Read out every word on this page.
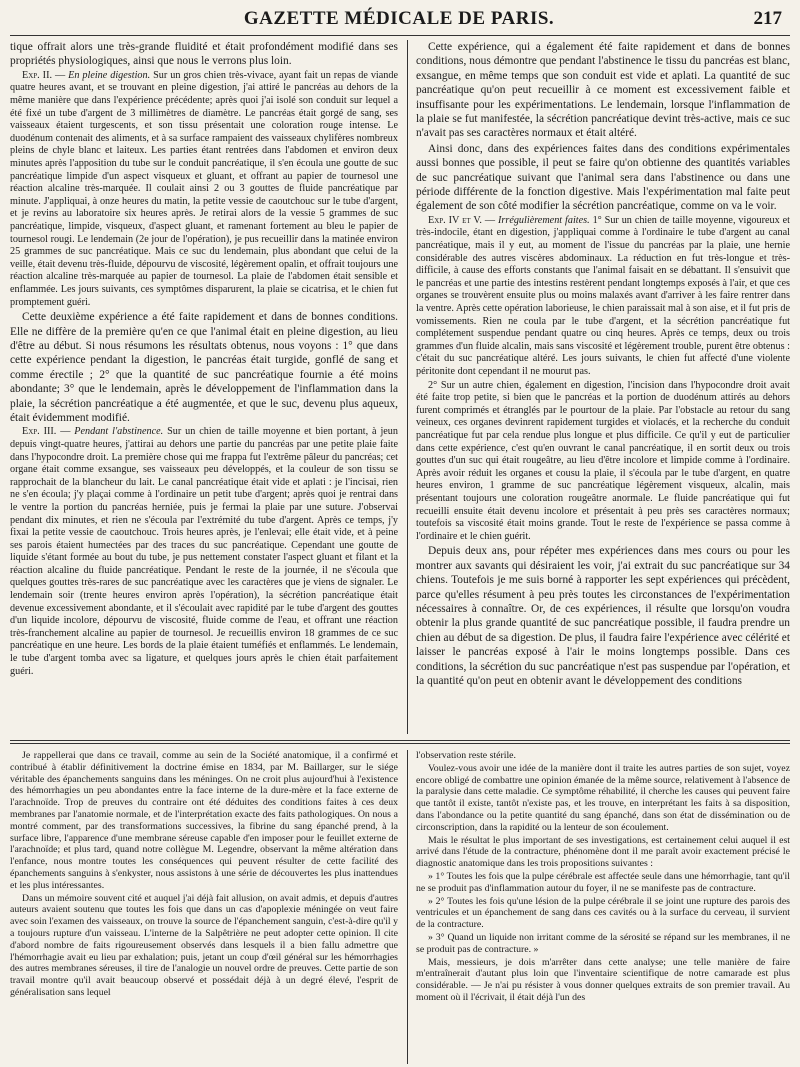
GAZETTE MÉDICALE DE PARIS.	217

tique offrait alors une très-grande fluidité et était profondément modifié dans ses propriétés physiologiques, ainsi que nous le verrons plus loin.

Exp. II. — En pleine digestion. Sur un gros chien très-vivace, ayant fait un repas de viande quatre heures avant, et se trouvant en pleine digestion, j'ai attiré le pancréas au dehors de la même manière que dans l'expérience précédente; après quoi j'ai isolé son conduit sur lequel a été fixé un tube d'argent de 3 millimètres de diamètre. Le pancréas était gorgé de sang, ses vaisseaux étaient turgescents, et son tissu présentait une coloration rouge intense. Le duodénum contenait des aliments, et à sa surface rampaient des vaisseaux chylifères nombreux pleins de chyle blanc et laiteux. Les parties étant rentrées dans l'abdomen et environ deux minutes après l'apposition du tube sur le conduit pancréatique, il s'en écoula une goutte de suc pancréatique limpide d'un aspect visqueux et gluant, et offrant au papier de tournesol une réaction alcaline très-marquée. Il coulait ainsi 2 ou 3 gouttes de fluide pancréatique par minute. J'appliquai, à onze heures du matin, la petite vessie de caoutchouc sur le tube d'argent, et je revins au laboratoire six heures après. Je retirai alors de la vessie 5 grammes de suc pancréatique, limpide, visqueux, d'aspect gluant, et ramenant fortement au bleu le papier de tournesol rougi. Le lendemain (2e jour de l'opération), je pus recueillir dans la matinée environ 25 grammes de suc pancréatique. Mais ce suc du lendemain, plus abondant que celui de la veille, était devenu très-fluide, dépourvu de viscosité, légèrement opalin, et offrait toujours une réaction alcaline très-marquée au papier de tournesol. La plaie de l'abdomen était sensible et enflammée. Les jours suivants, ces symptômes disparurent, la plaie se cicatrisa, et le chien fut promptement guéri.

Cette deuxième expérience a été faite rapidement et dans de bonnes conditions. Elle ne diffère de la première qu'en ce que l'animal était en pleine digestion, au lieu d'être au début. Si nous résumons les résultats obtenus, nous voyons : 1° que dans cette expérience pendant la digestion, le pancréas était turgide, gonflé de sang et comme érectile ; 2° que la quantité de suc pancréatique fournie a été moins abondante; 3° que le lendemain, après le développement de l'inflammation dans la plaie, la sécrétion pancréatique a été augmentée, et que le suc, devenu plus aqueux, était évidemment modifié.

Exp. III. — Pendant l'abstinence. Sur un chien de taille moyenne et bien portant, à jeun depuis vingt-quatre heures, j'attirai au dehors une partie du pancréas par une petite plaie faite dans l'hypocondre droit. La première chose qui me frappa fut l'extrême pâleur du pancréas; cet organe était comme exsangue, ses vaisseaux peu développés, et la couleur de son tissu se rapprochait de la blancheur du lait. Le canal pancréatique était vide et aplati : je l'incisai, rien ne s'en écoula; j'y plaçai comme à l'ordinaire un petit tube d'argent; après quoi je rentrai dans le ventre la portion du pancréas herniée, puis je fermai la plaie par une suture. J'observai pendant dix minutes, et rien ne s'écoula par l'extrémité du tube d'argent. Après ce temps, j'y fixai la petite vessie de caoutchouc. Trois heures après, je l'enlevai; elle était vide, et à peine ses parois étaient humectées par des traces du suc pancréatique. Cependant une goutte de liquide s'étant formée au bout du tube, je pus nettement constater l'aspect gluant et filant et la réaction alcaline du fluide pancréatique. Pendant le reste de la journée, il ne s'écoula que quelques gouttes très-rares de suc pancréatique avec les caractères que je viens de signaler. Le lendemain soir (trente heures environ après l'opération), la sécrétion pancréatique était devenue excessivement abondante, et il s'écoulait avec rapidité par le tube d'argent des gouttes d'un liquide incolore, dépourvu de viscosité, fluide comme de l'eau, et offrant une réaction très-franchement alcaline au papier de tournesol. Je recueillis environ 18 grammes de ce suc pancréatique en une heure. Les bords de la plaie étaient tuméfiés et enflammés. Le lendemain, le tube d'argent tomba avec sa ligature, et quelques jours après le chien était parfaitement guéri.

Cette expérience, qui a également été faite rapidement et dans de bonnes conditions, nous démontre que pendant l'abstinence le tissu du pancréas est blanc, exsangue, en même temps que son conduit est vide et aplati. La quantité de suc pancréatique qu'on peut recueillir à ce moment est excessivement faible et insuffisante pour les expérimentations. Le lendemain, lorsque l'inflammation de la plaie se fut manifestée, la sécrétion pancréatique devint très-active, mais ce suc n'avait pas ses caractères normaux et était altéré.

Ainsi donc, dans des expériences faites dans des conditions expérimentales aussi bonnes que possible, il peut se faire qu'on obtienne des quantités variables de suc pancréatique suivant que l'animal sera dans l'abstinence ou dans une période différente de la fonction digestive. Mais l'expérimentation mal faite peut également de son côté modifier la sécrétion pancréatique, comme on va le voir.

Exp. IV et V. — Irrégulièrement faites. 1° Sur un chien de taille moyenne, vigoureux et très-indocile, étant en digestion, j'appliquai comme à l'ordinaire le tube d'argent au canal pancréatique, mais il y eut, au moment de l'issue du pancréas par la plaie, une hernie considérable des autres viscères abdominaux. La réduction en fut très-longue et très-difficile, à cause des efforts constants que l'animal faisait en se débattant. Il s'ensuivit que le pancréas et une partie des intestins restèrent pendant longtemps exposés à l'air, et que ces organes se trouvèrent ensuite plus ou moins malaxés avant d'arriver à les faire rentrer dans la ventre. Après cette opération laborieuse, le chien paraissait mal à son aise, et il fut pris de vomissements. Rien ne coula par le tube d'argent, et la sécrétion pancréatique fut complétement suspendue pendant quatre ou cinq heures. Après ce temps, deux ou trois grammes d'un fluide alcalin, mais sans viscosité et légèrement trouble, purent être obtenus : c'était du suc pancréatique altéré. Les jours suivants, le chien fut affecté d'une violente péritonite dont cependant il ne mourut pas.

2° Sur un autre chien, également en digestion, l'incision dans l'hypocondre droit avait été faite trop petite, si bien que le pancréas et la portion de duodénum attirés au dehors furent comprimés et étranglés par le pourtour de la plaie. Par l'obstacle au retour du sang veineux, ces organes devinrent rapidement turgides et violacés, et la recherche du conduit pancréatique fut par cela rendue plus longue et plus difficile. Ce qu'il y eut de particulier dans cette expérience, c'est qu'en ouvrant le canal pancréatique, il en sortit deux ou trois gouttes d'un suc qui était rougeâtre, au lieu d'être incolore et limpide comme à l'ordinaire. Après avoir réduit les organes et cousu la plaie, il s'écoula par le tube d'argent, en quatre heures environ, 1 gramme de suc pancréatique légèrement visqueux, alcalin, mais présentant toujours une coloration rougeâtre anormale. Le fluide pancréatique qui fut recueilli ensuite était devenu incolore et présentait à peu près ses caractères normaux; toutefois sa viscosité était moins grande. Tout le reste de l'expérience se passa comme à l'ordinaire et le chien guérit.

Depuis deux ans, pour répéter mes expériences dans mes cours ou pour les montrer aux savants qui désiraient les voir, j'ai extrait du suc pancréatique sur 34 chiens. Toutefois je me suis borné à rapporter les sept expériences qui précèdent, parce qu'elles résument à peu près toutes les circonstances de l'expérimentation nécessaires à connaître. Or, de ces expériences, il résulte que lorsqu'on voudra obtenir la plus grande quantité de suc pancréatique possible, il faudra prendre un chien au début de sa digestion. De plus, il faudra faire l'expérience avec célérité et laisser le pancréas exposé à l'air le moins longtemps possible. Dans ces conditions, la sécrétion du suc pancréatique n'est pas suspendue par l'opération, et la quantité qu'on peut en obtenir avant le développement des conditions

Je rappellerai que dans ce travail, comme au sein de la Société anatomique, il a confirmé et contribué à établir définitivement la doctrine émise en 1834, par M. Baillarger, sur le siége véritable des épanchements sanguins dans les méninges. On ne croit plus aujourd'hui à l'existence des hémorrhagies un peu abondantes entre la face interne de la dure-mère et la face externe de l'arachnoïde. Trop de preuves du contraire ont été déduites des conditions faites à ces deux membranes par l'anatomie normale, et de l'interprétation exacte des faits pathologiques. On nous a montré comment, par des transformations successives, la fibrine du sang épanché prend, à la surface libre, l'apparence d'une membrane séreuse capable d'en imposer pour le feuillet externe de l'arachnoïde; et plus tard, quand notre collègue M. Legendre, observant la même altération dans l'enfance, nous montre toutes les conséquences qui peuvent résulter de cette facilité des épanchements sanguins à s'enkyster, nous assistons à une série de découvertes les plus inattendues et les plus intéressantes.

Dans un mémoire souvent cité et auquel j'ai déjà fait allusion, on avait admis, et depuis d'autres auteurs avaient soutenu que toutes les fois que dans un cas d'apoplexie méningée on veut faire avec soin l'examen des vaisseaux, on trouve la source de l'épanchement sanguin, c'est-à-dire qu'il y a toujours rupture d'un vaisseau. L'interne de la Salpêtrière ne peut adopter cette opinion. Il cite d'abord nombre de faits rigoureusement observés dans lesquels il a bien fallu admettre que l'hémorrhagie avait eu lieu par exhalation; puis, jetant un coup d'œil général sur les hémorrhagies des autres membranes séreuses, il tire de l'analogie un nouvel ordre de preuves. Cette partie de son travail montre qu'il avait beaucoup observé et possédait déjà à un degré élevé, l'esprit de généralisation sans lequel

l'observation reste stérile.

Voulez-vous avoir une idée de la manière dont il traite les autres parties de son sujet, voyez encore obligé de combattre une opinion émanée de la même source, relativement à l'absence de la paralysie dans cette maladie. Ce symptôme réhabilité, il cherche les causes qui peuvent faire que tantôt il existe, tantôt n'existe pas, et les trouve, en interprétant les faits à sa disposition, dans l'abondance ou la petite quantité du sang épanché, dans son état de dissémination ou de circonscription, dans la rapidité ou la lenteur de son écoulement.

Mais le résultat le plus important de ses investigations, est certainement celui auquel il est arrivé dans l'étude de la contracture, phénomène dont il me paraît avoir exactement précisé le diagnostic anatomique dans les trois propositions suivantes :

» 1° Toutes les fois que la pulpe cérébrale est affectée seule dans une hémorrhagie, tant qu'il ne se produit pas d'inflammation autour du foyer, il ne se manifeste pas de contracture.

» 2° Toutes les fois qu'une lésion de la pulpe cérébrale il se joint une rupture des parois des ventricules et un épanchement de sang dans ces cavités ou à la surface du cerveau, il survient de la contracture.

» 3° Quand un liquide non irritant comme de la sérosité se répand sur les membranes, il ne se produit pas de contracture. »

Mais, messieurs, je dois m'arrêter dans cette analyse; une telle manière de faire m'entraînerait d'autant plus loin que l'inventaire scientifique de notre camarade est plus considérable. — Je n'ai pu résister à vous donner quelques extraits de son premier travail. Au moment où il l'écrivait, il était déjà l'un des
